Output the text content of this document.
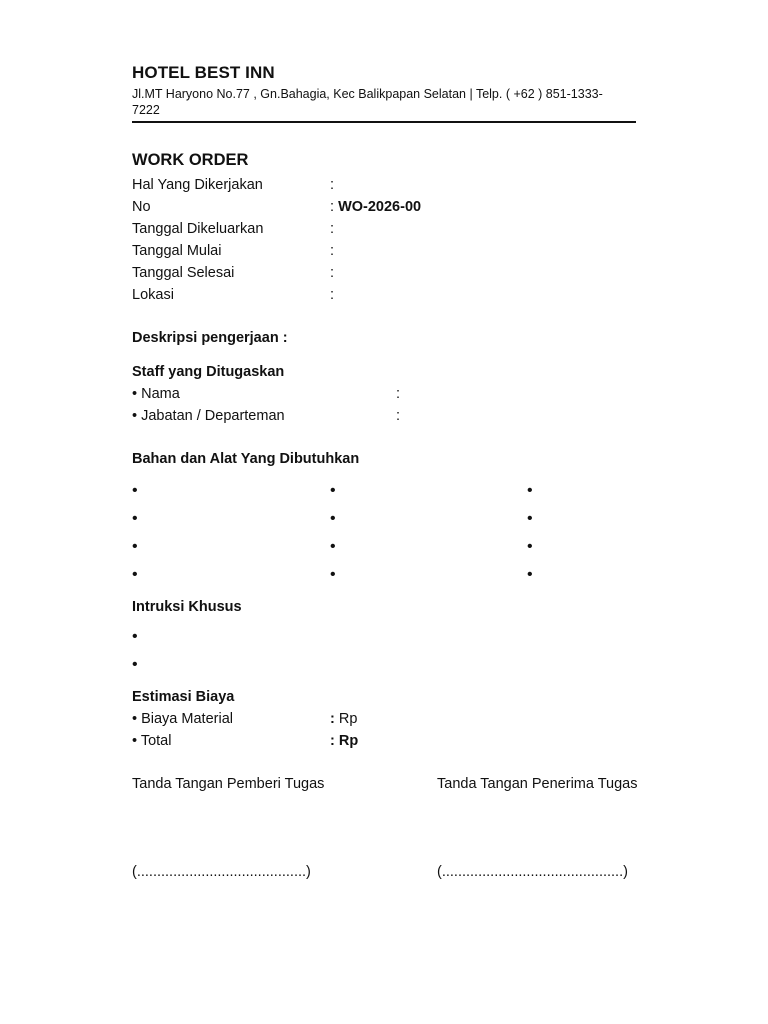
HOTEL BEST INN
Jl.MT Haryono No.77 , Gn.Bahagia, Kec Balikpapan Selatan | Telp. ( +62 ) 851-1333-
7222
WORK ORDER
Hal Yang Dikerjakan	:
No	: WO-2026-00
Tanggal Dikeluarkan	:
Tanggal Mulai	:
Tanggal Selesai	:
Lokasi	:
Deskripsi pengerjaan :
Staff yang Ditugaskan
• Nama	:
• Jabatan / Departeman	:
Bahan dan Alat Yang Dibutuhkan
•	•	•
•	•	•
•	•	•
•	•	•
Intruksi Khusus
•
•
Estimasi Biaya
• Biaya Material	: Rp
• Total	: Rp
Tanda Tangan Pemberi Tugas	Tanda Tangan Penerima Tugas
(..........................................)	(.............................................)
